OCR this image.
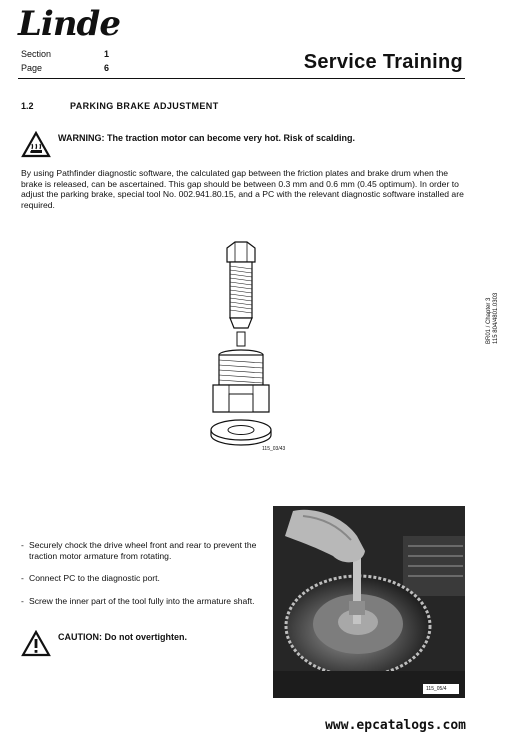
Linde
Section	1
Page	6	Service Training
1.2	PARKING BRAKE ADJUSTMENT
WARNING: The traction motor can become very hot. Risk of scalding.
By using Pathfinder diagnostic software, the calculated gap between the friction plates and brake drum when the brake is released, can be ascertained. This gap should be between 0.3 mm and 0.6 mm (0.45 optimum). In order to adjust the parking brake, special tool No. 002.941.80.15, and a PC with the relevant diagnostic software installed are required.
BR01 / Chapter 3 115 804/4801.0303
115_03/43
- Securely chock the drive wheel front and rear to prevent the traction motor armature from rotating.
- Connect PC to the diagnostic port.
- Screw the inner part of the tool fully into the armature shaft.
CAUTION: Do not overtighten.
115_05/4
www.epcatalogs.com
